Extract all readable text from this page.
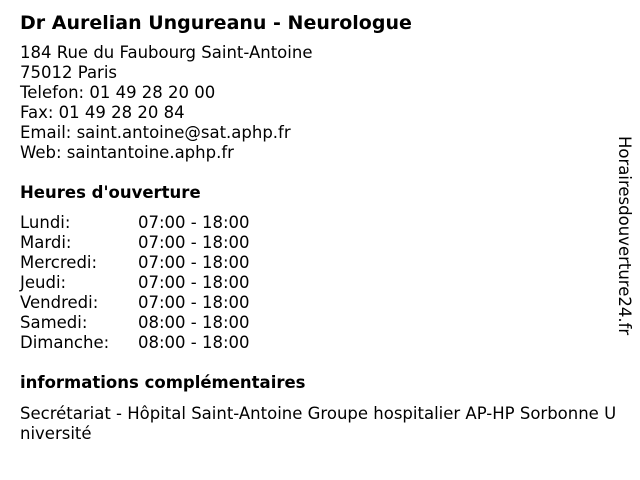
Dr Aurelian Ungureanu - Neurologue
184 Rue du Faubourg Saint-Antoine
75012 Paris
Telefon: 01 49 28 20 00
Fax: 01 49 28 20 84
Email: saint.antoine@sat.aphp.fr
Web: saintantoine.aphp.fr
Heures d'ouverture
Lundi:	07:00 - 18:00
Mardi:	07:00 - 18:00
Mercredi: 07:00 - 18:00
Jeudi:	07:00 - 18:00
Vendredi: 07:00 - 18:00
Samedi:	08:00 - 18:00
Dimanche: 08:00 - 18:00
informations complémentaires
Secrétariat - Hôpital Saint-Antoine Groupe hospitalier AP-HP Sorbonne Université
Horairesdouverture24.fr
